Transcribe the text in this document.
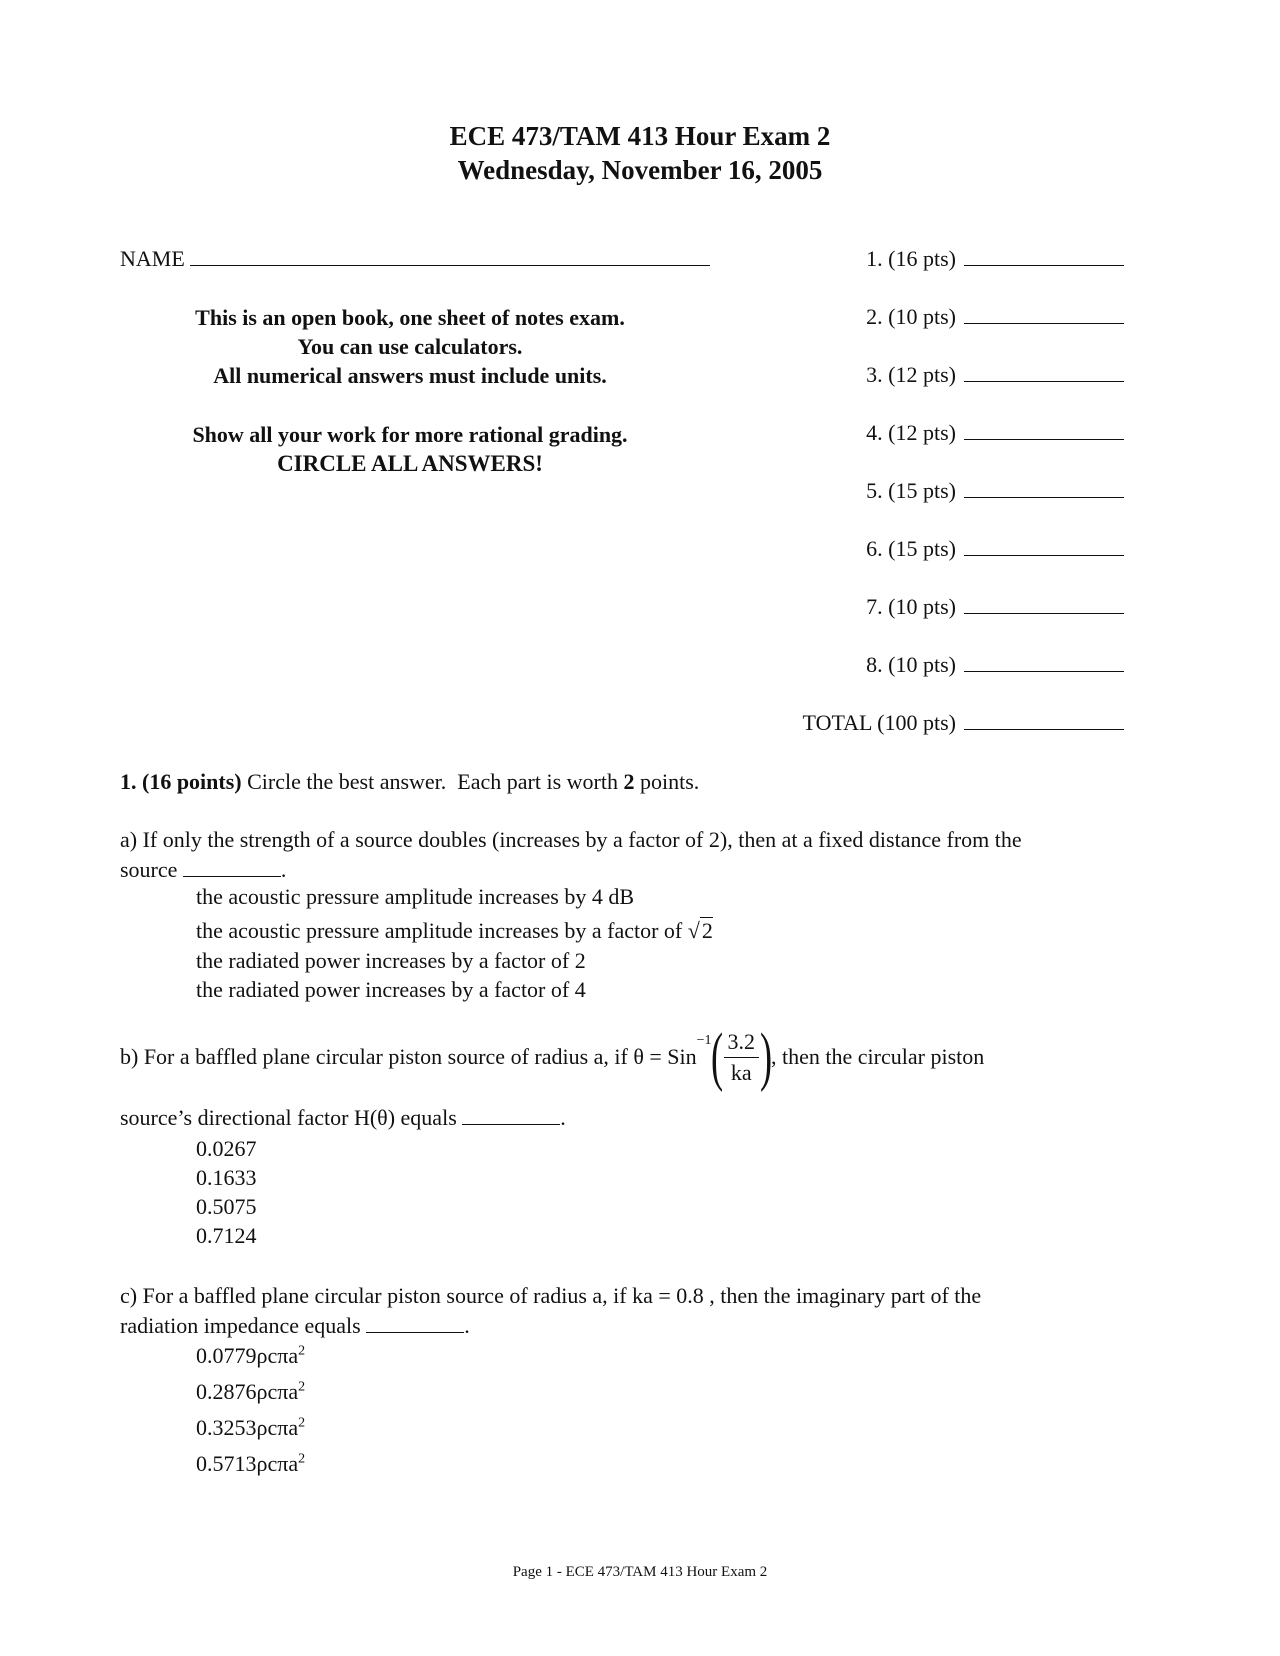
ECE 473/TAM 413 Hour Exam 2
Wednesday, November 16, 2005
NAME
This is an open book, one sheet of notes exam.
You can use calculators.
All numerical answers must include units.
Show all your work for more rational grading.
CIRCLE ALL ANSWERS!
1. (16 pts)
2. (10 pts)
3. (12 pts)
4. (12 pts)
5. (15 pts)
6. (15 pts)
7. (10 pts)
8. (10 pts)
TOTAL (100 pts)
1. (16 points) Circle the best answer.  Each part is worth 2 points.
a) If only the strength of a source doubles (increases by a factor of 2), then at a fixed distance from the
source	.
the acoustic pressure amplitude increases by 4 dB
the acoustic pressure amplitude increases by a factor of √2
the radiated power increases by a factor of 2
the radiated power increases by a factor of 4
b) For a baffled plane circular piston source of radius a, if $\theta = Sin^{-1}( \frac{3.2}{ka}$ ), then the circular piston
source’s directional factor H(θ) equals	.
0.0267
0.1633
0.5075
0.7124
c) For a baffled plane circular piston source of radius a, if ka = 0.8 , then the imaginary part of the
radiation impedance equals	.
0.0779ρcπa$^2$
0.2876ρcπa$^2$
0.3253ρcπa$^2$
0.5713ρcπa$^2$
Page 1 - ECE 473/TAM 413 Hour Exam 2
